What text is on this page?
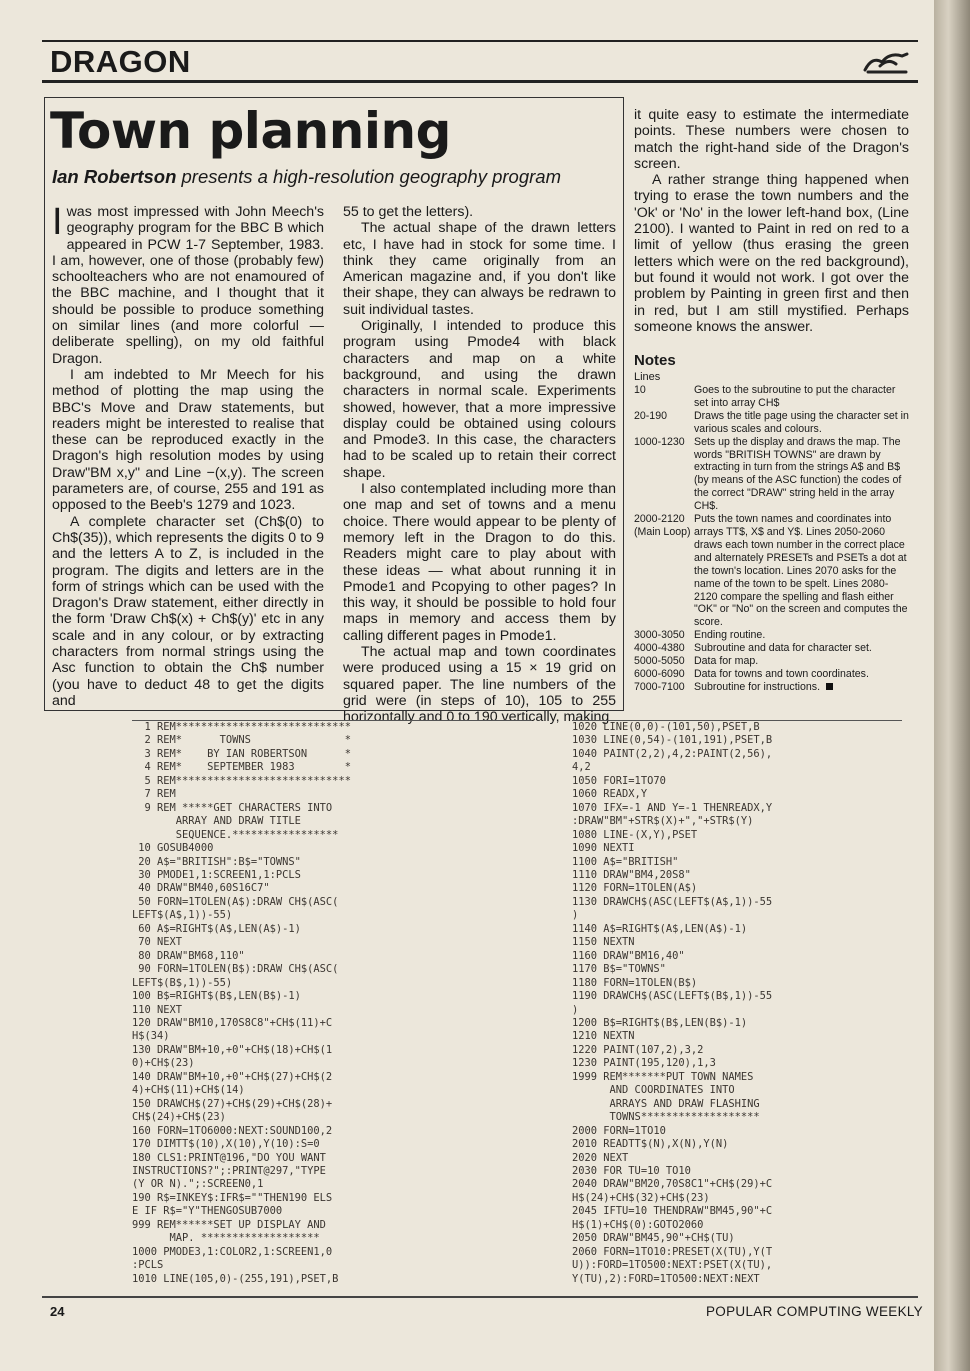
DRAGON
Town planning
Ian Robertson presents a high-resolution geography program

Iwas most impressed with John Meech's geography program for the BBC B which appeared in PCW 1-7 September, 1983. I am, however, one of those (probably few) schoolteachers who are not enamoured of the BBC machine, and I thought that it should be possible to produce something on similar lines (and more colorful — deliberate spelling), on my old faithful Dragon.

I am indebted to Mr Meech for his method of plotting the map using the BBC's Move and Draw statements, but readers might be interested to realise that these can be reproduced exactly in the Dragon's high resolution modes by using Draw"BM x,y" and Line −(x,y). The screen parameters are, of course, 255 and 191 as opposed to the Beeb's 1279 and 1023.

A complete character set (Ch$(0) to Ch$(35)), which represents the digits 0 to 9 and the letters A to Z, is included in the program. The digits and letters are in the form of strings which can be used with the Dragon's Draw statement, either directly in the form 'Draw Ch$(x) + Ch$(y)' etc in any scale and in any colour, or by extracting characters from normal strings using the Asc function to obtain the Ch$ number (you have to deduct 48 to get the digits and

55 to get the letters).

The actual shape of the drawn letters etc, I have had in stock for some time. I think they came originally from an American magazine and, if you don't like their shape, they can always be redrawn to suit individual tastes.

Originally, I intended to produce this program using Pmode4 with black characters and map on a white background, and using the drawn characters in normal scale. Experiments showed, however, that a more impressive display could be obtained using colours and Pmode3. In this case, the characters had to be scaled up to retain their correct shape.

I also contemplated including more than one map and set of towns and a menu choice. There would appear to be plenty of memory left in the Dragon to do this. Readers might care to play about with these ideas — what about running it in Pmode1 and Pcopying to other pages? In this way, it should be possible to hold four maps in memory and access them by calling different pages in Pmode1.

The actual map and town coordinates were produced using a 15 × 19 grid on squared paper. The line numbers of the grid were (in steps of 10), 105 to 255 horizontally and 0 to 190 vertically, making

it quite easy to estimate the intermediate points. These numbers were chosen to match the right-hand side of the Dragon's screen.

A rather strange thing happened when trying to erase the town numbers and the 'Ok' or 'No' in the lower left-hand box, (Line 2100). I wanted to Paint in red on red to a limit of yellow (thus erasing the green letters which were on the red background), but found it would not work. I got over the problem by Painting in green first and then in red, but I am still mystified. Perhaps someone knows the answer.

Notes
Lines
10	Goes to the subroutine to put the character set into array CH$
20-190	Draws the title page using the character set in various scales and colours.
1000-1230 Sets up the display and draws the map. The words "BRITISH TOWNS" are drawn by extracting in turn from the strings A$ and B$ (by means of the ASC function) the codes of the correct "DRAW" string held in the array CH$.
2000-2120 (Main Loop)
Puts the town names and coordinates into arrays TT$, X$ and Y$. Lines 2050-2060 draws each town number in the correct place and alternately PRESETs and PSETs a dot at the town's location. Lines 2070 asks for the name of the town to be spelt. Lines 2080-2120 compare the spelling and flash either "OK" or "No" on the screen and computes the score.
3000-3050 Ending routine.
4000-4380 Subroutine and data for character set.
5000-5050 Data for map.
6000-6090 Data for towns and town coordinates.
7000-7100 Subroutine for instructions.
1 REM****************************
2 REM*      TOWNS               *
3 REM*    BY IAN ROBERTSON      *
4 REM*    SEPTEMBER 1983        *
5 REM****************************
7 REM
9 REM *****GET CHARACTERS INTO
ARRAY AND DRAW TITLE
SEQUENCE.*****************
10 GOSUB4000
20 A$="BRITISH":B$="TOWNS"
30 PMODE1,1:SCREEN1,1:PCLS
40 DRAW"BM40,60S16C7"
50 FORN=1TOLEN(A$):DRAW CH$(ASC(
LEFT$(A$,1))-55)
60 A$=RIGHT$(A$,LEN(A$)-1)
70 NEXT
80 DRAW"BM68,110"
90 FORN=1TOLEN(B$):DRAW CH$(ASC(
LEFT$(B$,1))-55)
100 B$=RIGHT$(B$,LEN(B$)-1)
110 NEXT
120 DRAW"BM10,170S8C8"+CH$(11)+C
H$(34)
130 DRAW"BM+10,+0"+CH$(18)+CH$(1
0)+CH$(23)
140 DRAW"BM+10,+0"+CH$(27)+CH$(2
4)+CH$(11)+CH$(14)
150 DRAWCH$(27)+CH$(29)+CH$(28)+
CH$(24)+CH$(23)
160 FORN=1TO6000:NEXT:SOUND100,2
170 DIMTT$(10),X(10),Y(10):S=0
180 CLS1:PRINT@196,"DO YOU WANT
INSTRUCTIONS?";:PRINT@297,"TYPE
(Y OR N).";:SCREEN0,1
190 R$=INKEY$:IFR$=""THEN190 ELS
E IF R$="Y"THENGOSUB7000
999 REM******SET UP DISPLAY AND
MAP. *******************
1000 PMODE3,1:COLOR2,1:SCREEN1,0
:PCLS
1010 LINE(105,0)-(255,191),PSET,B
1020 LINE(0,0)-(101,50),PSET,B
1030 LINE(0,54)-(101,191),PSET,B
1040 PAINT(2,2),4,2:PAINT(2,56),
4,2
1050 FORI=1TO70
1060 READX,Y
1070 IFX=-1 AND Y=-1 THENREADX,Y
:DRAW"BM"+STR$(X)+","+STR$(Y)
1080 LINE-(X,Y),PSET
1090 NEXTI
1100 A$="BRITISH"
1110 DRAW"BM4,20S8"
1120 FORN=1TOLEN(A$)
1130 DRAWCH$(ASC(LEFT$(A$,1))-55
)
1140 A$=RIGHT$(A$,LEN(A$)-1)
1150 NEXTN
1160 DRAW"BM16,40"
1170 B$="TOWNS"
1180 FORN=1TOLEN(B$)
1190 DRAWCH$(ASC(LEFT$(B$,1))-55
)
1200 B$=RIGHT$(B$,LEN(B$)-1)
1210 NEXTN
1220 PAINT(107,2),3,2
1230 PAINT(195,120),1,3
1999 REM*******PUT TOWN NAMES
AND COORDINATES INTO
ARRAYS AND DRAW FLASHING
TOWNS*******************
2000 FORN=1TO10
2010 READTT$(N),X(N),Y(N)
2020 NEXT
2030 FOR TU=10 TO10
2040 DRAW"BM20,70S8C1"+CH$(29)+C
H$(24)+CH$(32)+CH$(23)
2045 IFTU=10 THENDRAW"BM45,90"+C
H$(1)+CH$(0):GOTO2060
2050 DRAW"BM45,90"+CH$(TU)
2060 FORN=1TO10:PRESET(X(TU),Y(T
U)):FORD=1TO500:NEXT:PSET(X(TU),
Y(TU),2):FORD=1TO500:NEXT:NEXT
24	POPULAR COMPUTING WEEKLY
